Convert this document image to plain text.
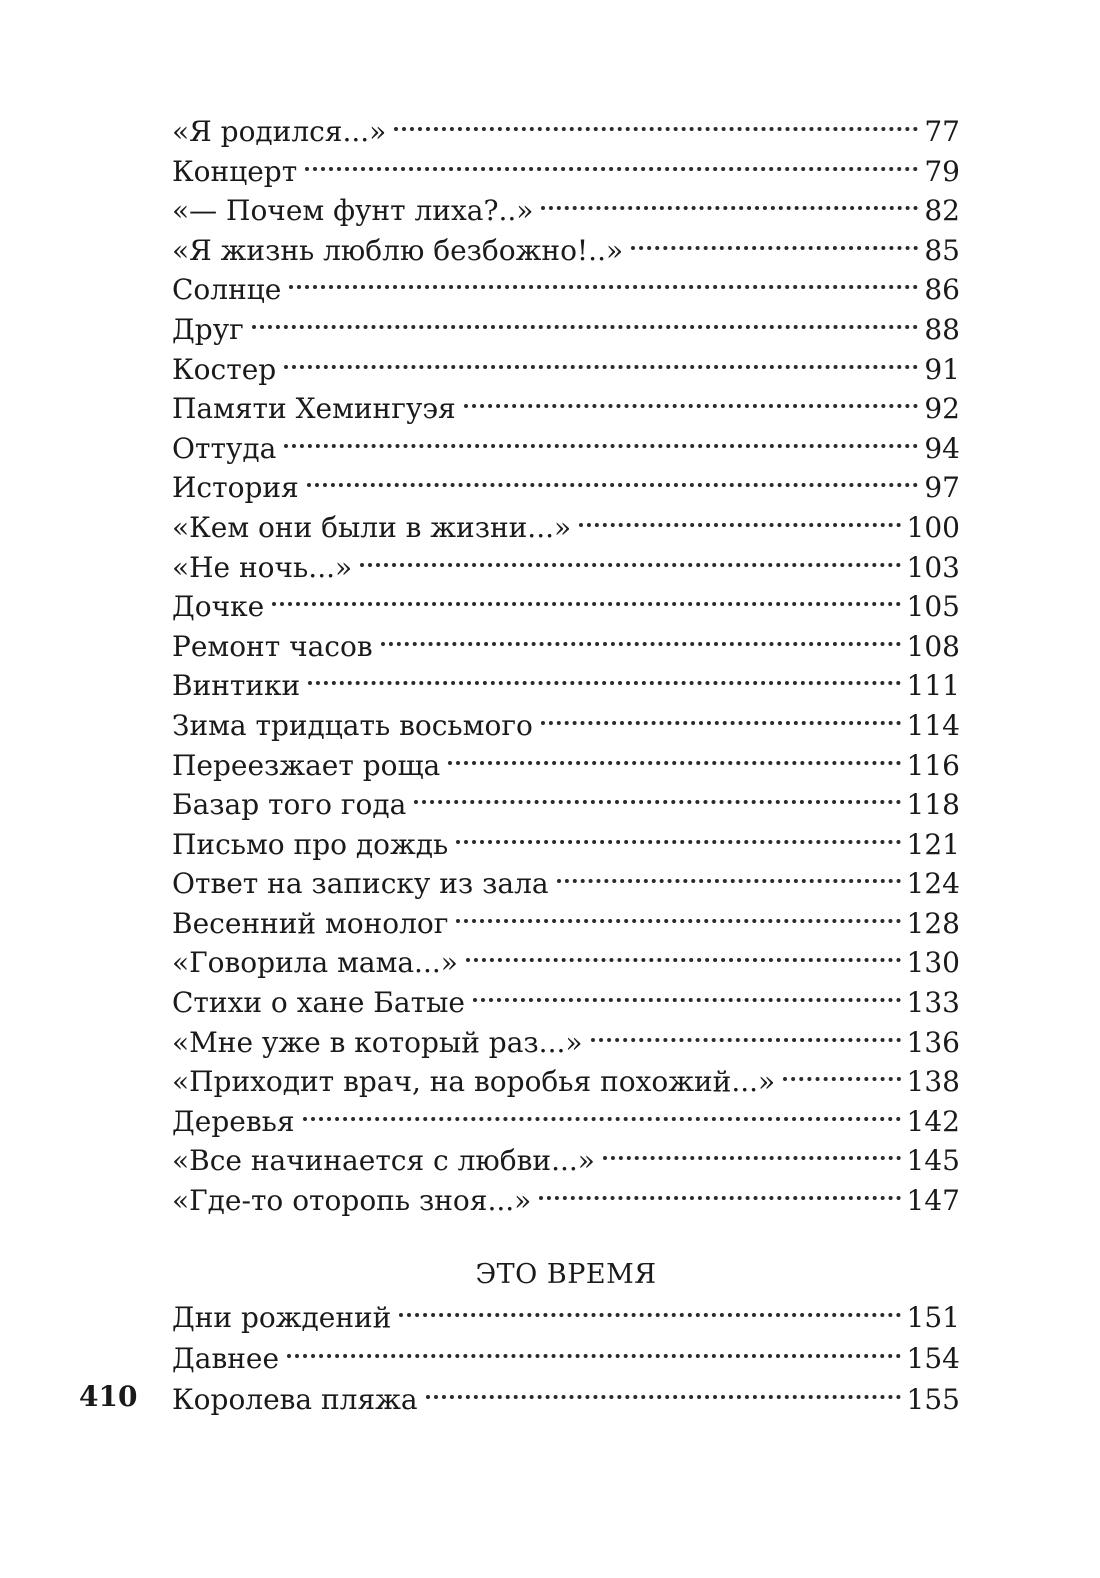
«Я родился...»	77
Концерт	79
«— Почем фунт лиха?..»	82
«Я жизнь люблю безбожно!..»	85
Солнце	86
Друг	88
Костер	91
Памяти Хемингуэя	92
Оттуда	94
История	97
«Кем они были в жизни...»	100
«Не ночь...»	103
Дочке	105
Ремонт часов	108
Винтики	111
Зима тридцать восьмого	114
Переезжает роща	116
Базар того года	118
Письмо про дождь	121
Ответ на записку из зала	124
Весенний монолог	128
«Говорила мама...»	130
Стихи о хане Батые	133
«Мне уже в который раз...»	136
«Приходит врач, на воробья похожий...»	138
Деревья	142
«Все начинается с любви...»	145
«Где-то оторопь зноя...»	147
ЭТО ВРЕМЯ
Дни рождений	151
Давнее	154
Королева пляжа	155
410
